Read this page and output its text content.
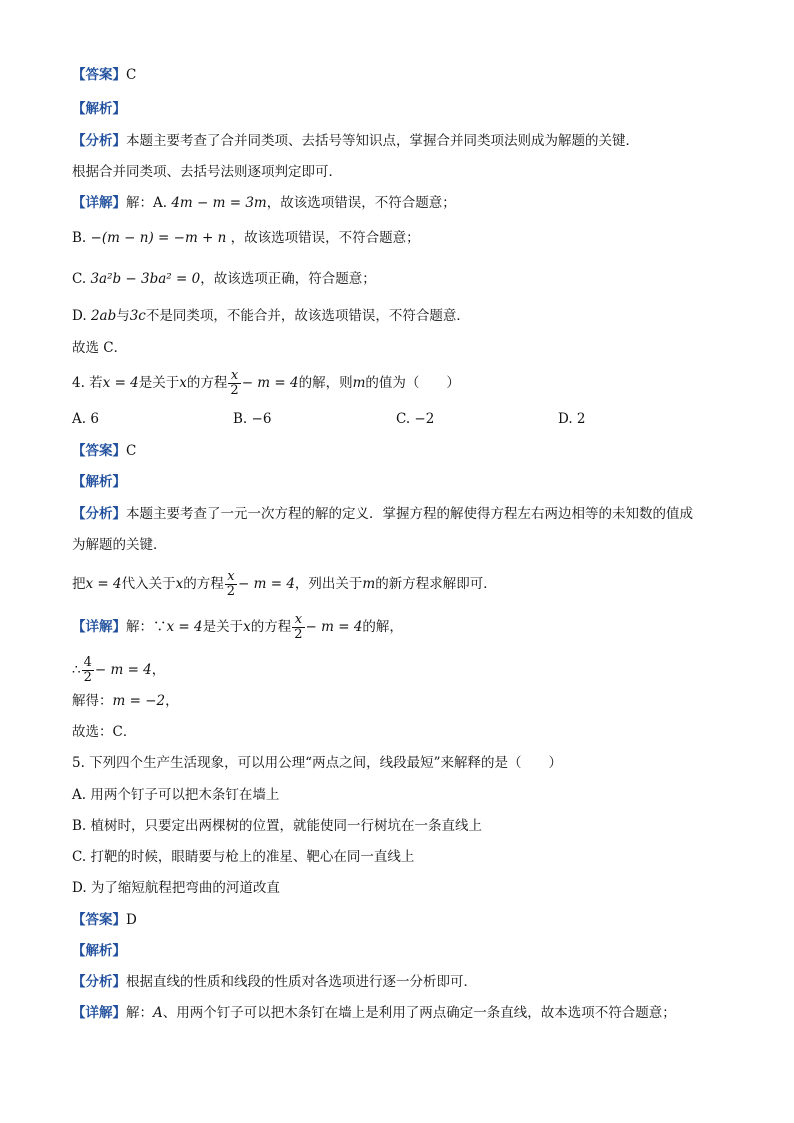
【答案】C
【解析】
【分析】本题主要考查了合并同类项、去括号等知识点，掌握合并同类项法则成为解题的关键．
根据合并同类项、去括号法则逐项判定即可．
【详解】解：A. 4m − m = 3m，故该选项错误，不符合题意；
B. −(m − n) = −m + n ，故该选项错误，不符合题意；
C. 3a²b − 3ba² = 0，故该选项正确，符合题意；
D. 2ab与3c不是同类项，不能合并，故该选项错误，不符合题意．
故选 C．
4. 若x = 4是关于x的方程 $\frac{x}{2} - m = 4$的解，则m的值为（　　）
A. 6	B. −6	C. −2	D. 2
【答案】C
【解析】
【分析】本题主要考查了一元一次方程的解的定义．掌握方程的解使得方程左右两边相等的未知数的值成
为解题的关键．
把x = 4代入关于x的方程 $\frac{x}{2} - m = 4$，列出关于m的新方程求解即可．
【详解】解：∵x = 4是关于x的方程 $\frac{x}{2} - m = 4$的解，
∴ $\frac{4}{2} - m = 4$，
解得：m = −2，
故选：C．
5. 下列四个生产生活现象，可以用公理“两点之间，线段最短”来解释的是（　　）
A. 用两个钉子可以把木条钉在墙上
B. 植树时，只要定出两棵树的位置，就能使同一行树坑在一条直线上
C. 打靶的时候，眼睛要与枪上的准星、靶心在同一直线上
D. 为了缩短航程把弯曲的河道改直
【答案】D
【解析】
【分析】根据直线的性质和线段的性质对各选项进行逐一分析即可．
【详解】解：A、用两个钉子可以把木条钉在墙上是利用了两点确定一条直线，故本选项不符合题意；
